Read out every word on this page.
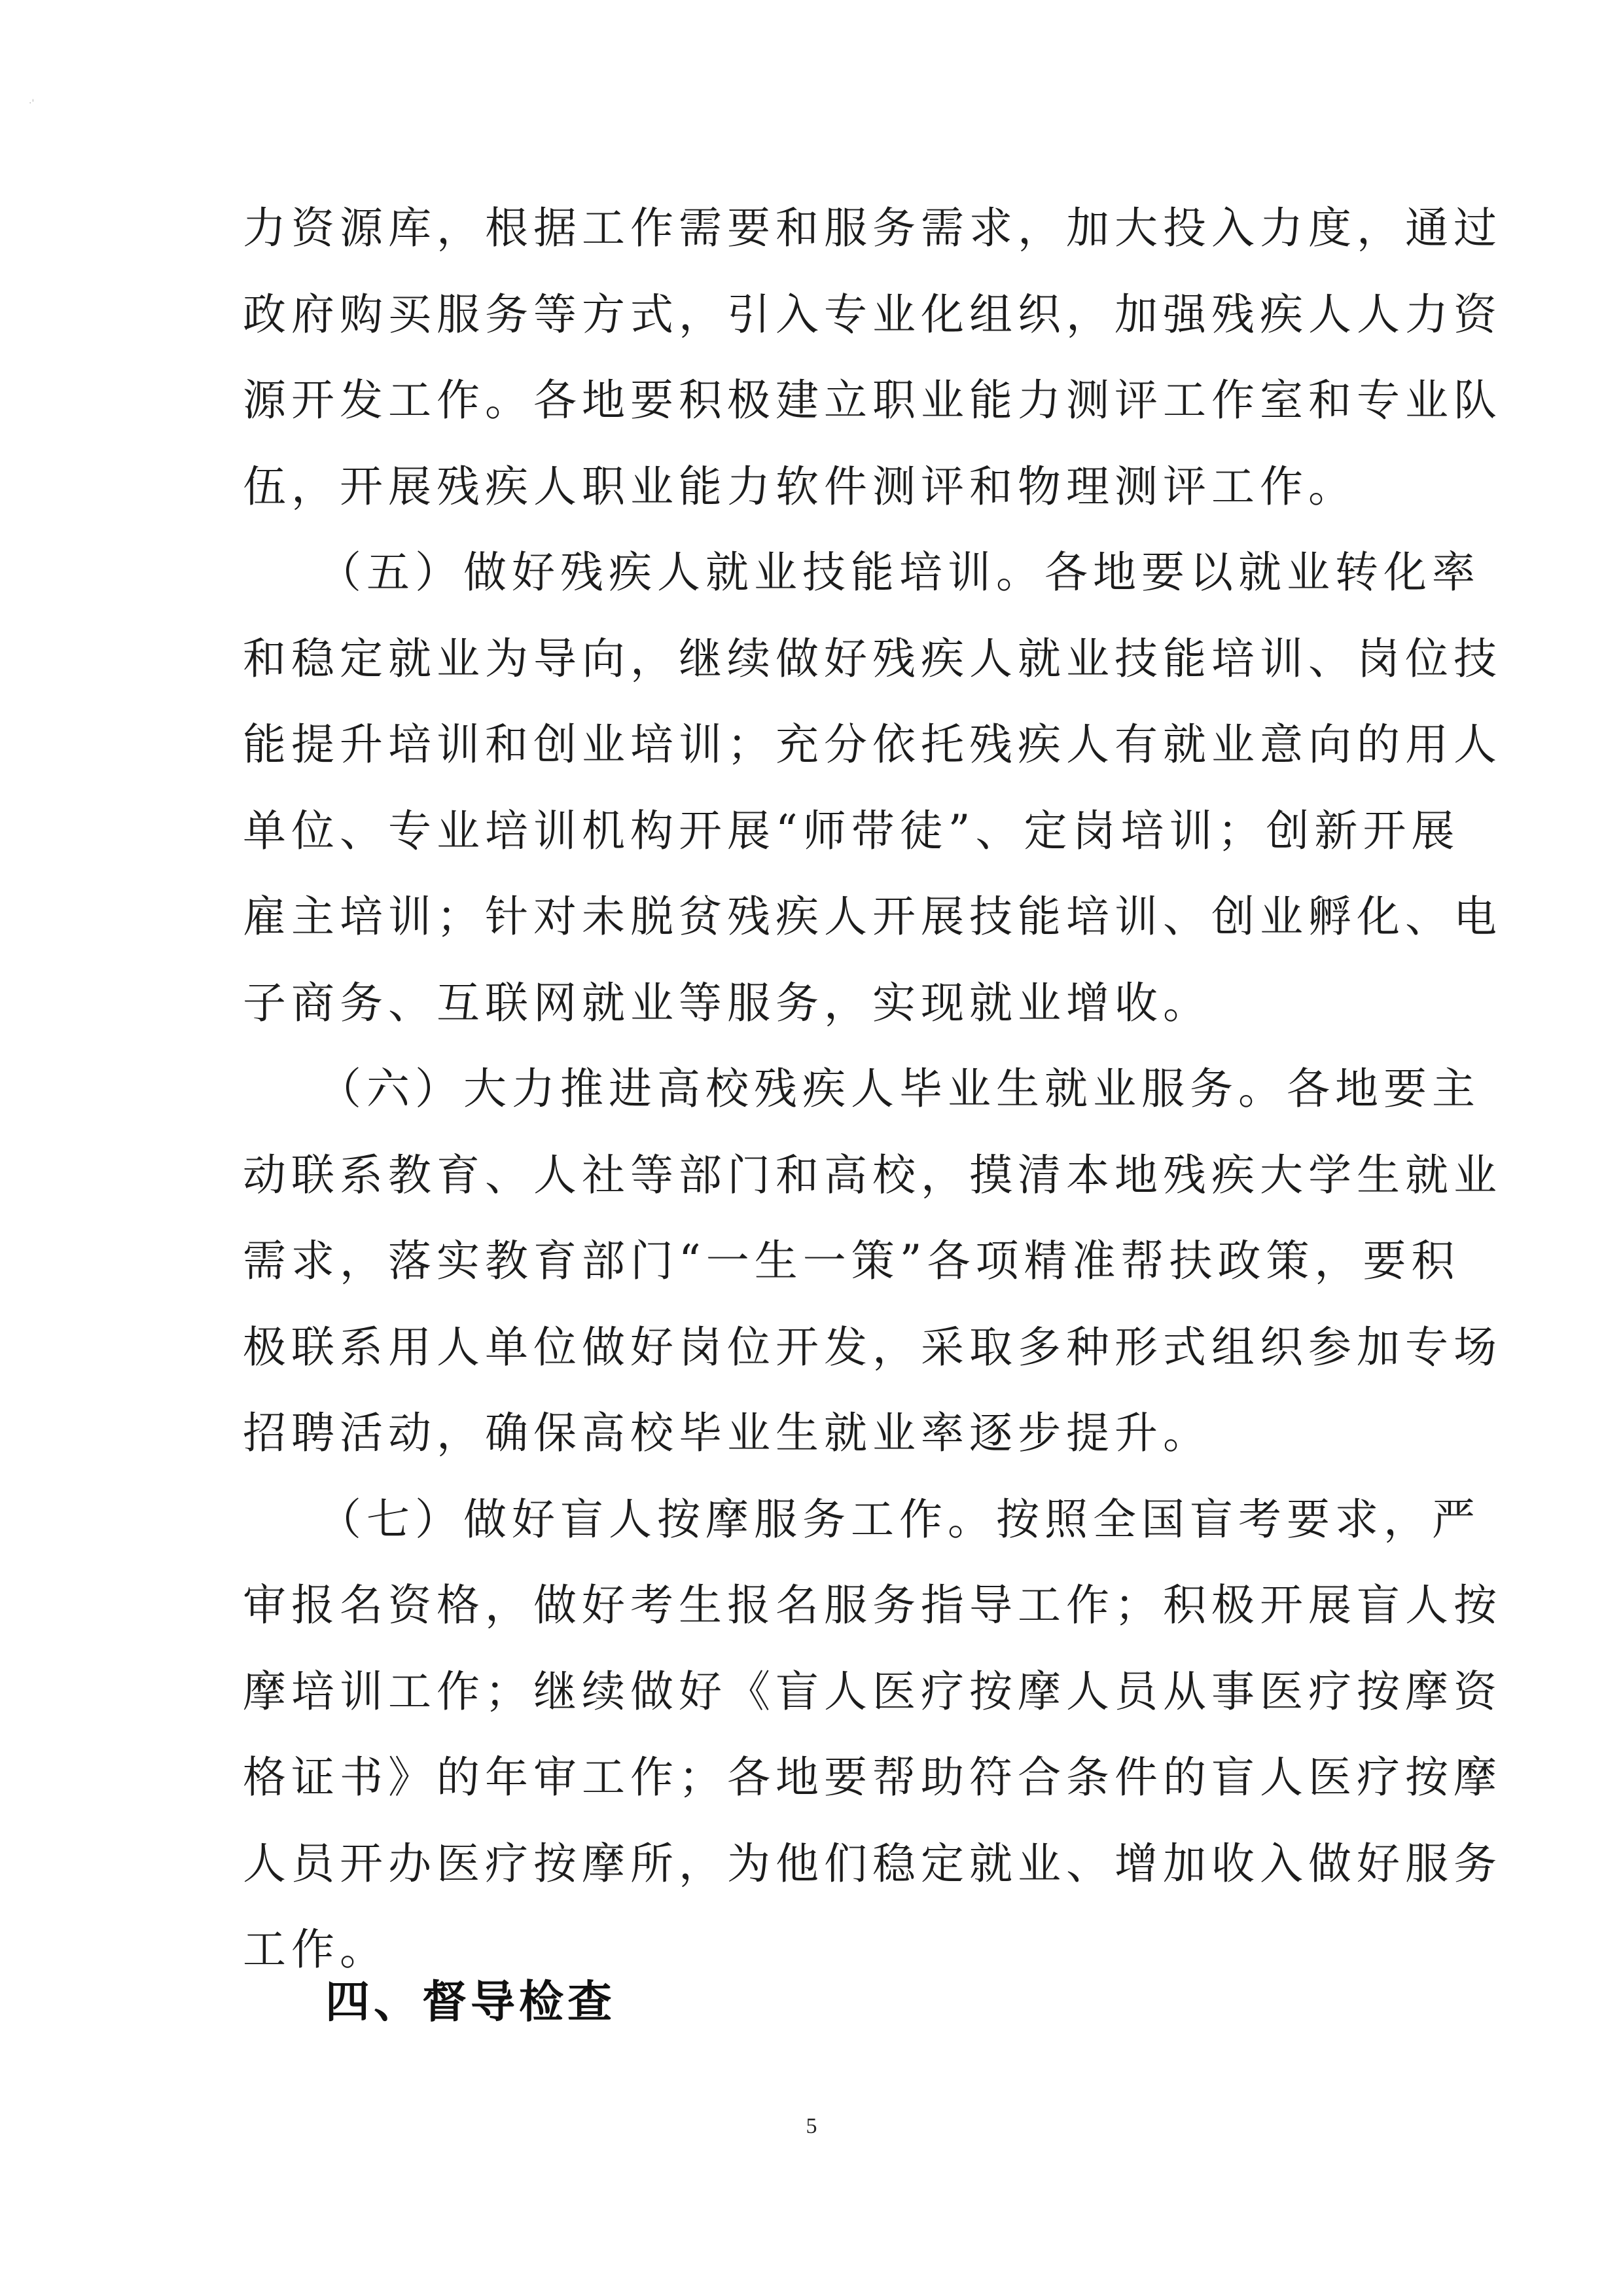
·'
力资源库，根据工作需要和服务需求，加大投入力度，通过
政府购买服务等方式，引入专业化组织，加强残疾人人力资
源开发工作。各地要积极建立职业能力测评工作室和专业队
伍，开展残疾人职业能力软件测评和物理测评工作。
　　（五）做好残疾人就业技能培训。各地要以就业转化率
和稳定就业为导向，继续做好残疾人就业技能培训、岗位技
能提升培训和创业培训；充分依托残疾人有就业意向的用人
单位、专业培训机构开展“师带徒”、定岗培训；创新开展
雇主培训；针对未脱贫残疾人开展技能培训、创业孵化、电
子商务、互联网就业等服务，实现就业增收。
　　（六）大力推进高校残疾人毕业生就业服务。各地要主
动联系教育、人社等部门和高校，摸清本地残疾大学生就业
需求，落实教育部门“一生一策”各项精准帮扶政策，要积
极联系用人单位做好岗位开发，采取多种形式组织参加专场
招聘活动，确保高校毕业生就业率逐步提升。
　　（七）做好盲人按摩服务工作。按照全国盲考要求，严
审报名资格，做好考生报名服务指导工作；积极开展盲人按
摩培训工作；继续做好《盲人医疗按摩人员从事医疗按摩资
格证书》的年审工作；各地要帮助符合条件的盲人医疗按摩
人员开办医疗按摩所，为他们稳定就业、增加收入做好服务
工作。
四、督导检查
5
